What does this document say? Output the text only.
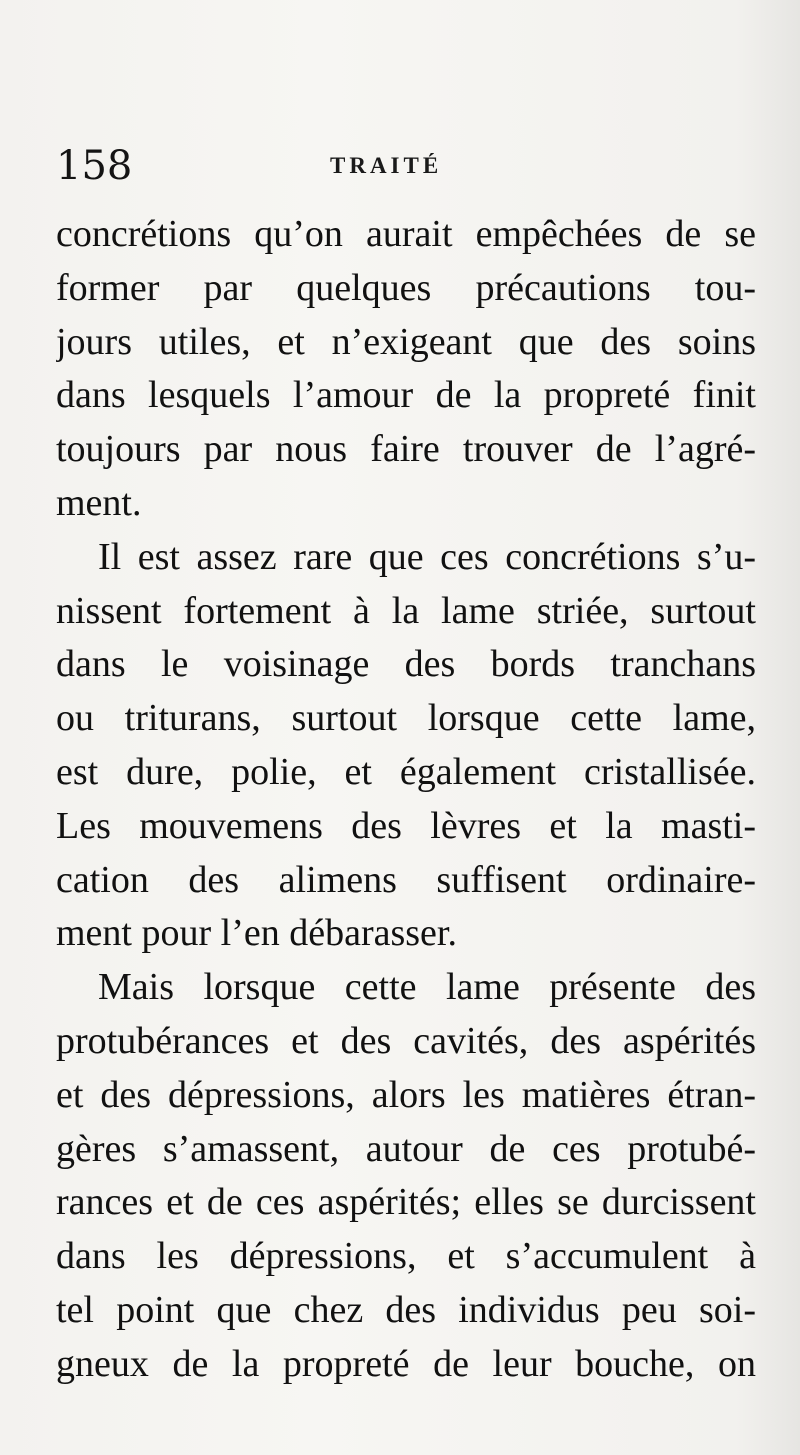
158	TRAITÉ
concrétions qu’on aurait empêchées de se
former par quelques précautions tou-
jours utiles, et n’exigeant que des soins
dans lesquels l’amour de la propreté finit
toujours par nous faire trouver de l’agré-
ment.
Il est assez rare que ces concrétions s’u-
nissent fortement à la lame striée, surtout
dans le voisinage des bords tranchans
ou triturans, surtout lorsque cette lame,
est dure, polie, et également cristallisée.
Les mouvemens des lèvres et la masti-
cation des alimens suffisent ordinaire-
ment pour l’en débarasser.
Mais lorsque cette lame présente des
protubérances et des cavités, des aspérités
et des dépressions, alors les matières étran-
gères s’amassent, autour de ces protubé-
rances et de ces aspérités; elles se durcissent
dans les dépressions, et s’accumulent à
tel point que chez des individus peu soi-
gneux de la propreté de leur bouche, on
